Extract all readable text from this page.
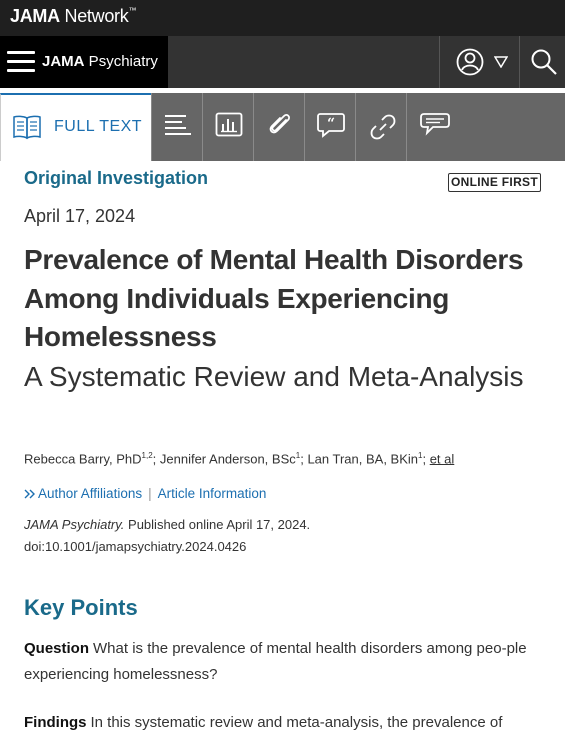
JAMA Network™
JAMA Psychiatry
FULL TEXT	“
Original Investigation	ONLINE FIRST
April 17, 2024
Prevalence of Mental Health Disorders Among Individuals Experiencing Homelessness
A Systematic Review and Meta-Analysis
Rebecca Barry, PhD$^{1,2}$; Jennifer Anderson, BSc$^1$; Lan Tran, BA, BKin$^1$; et al
Author Affiliations | Article Information
JAMA Psychiatry. Published online April 17, 2024.
doi:10.1001/jamapsychiatry.2024.0426
Key Points

Question What is the prevalence of mental health disorders among peo-ple experiencing homelessness?

Findings In this systematic review and meta-analysis, the prevalence of
